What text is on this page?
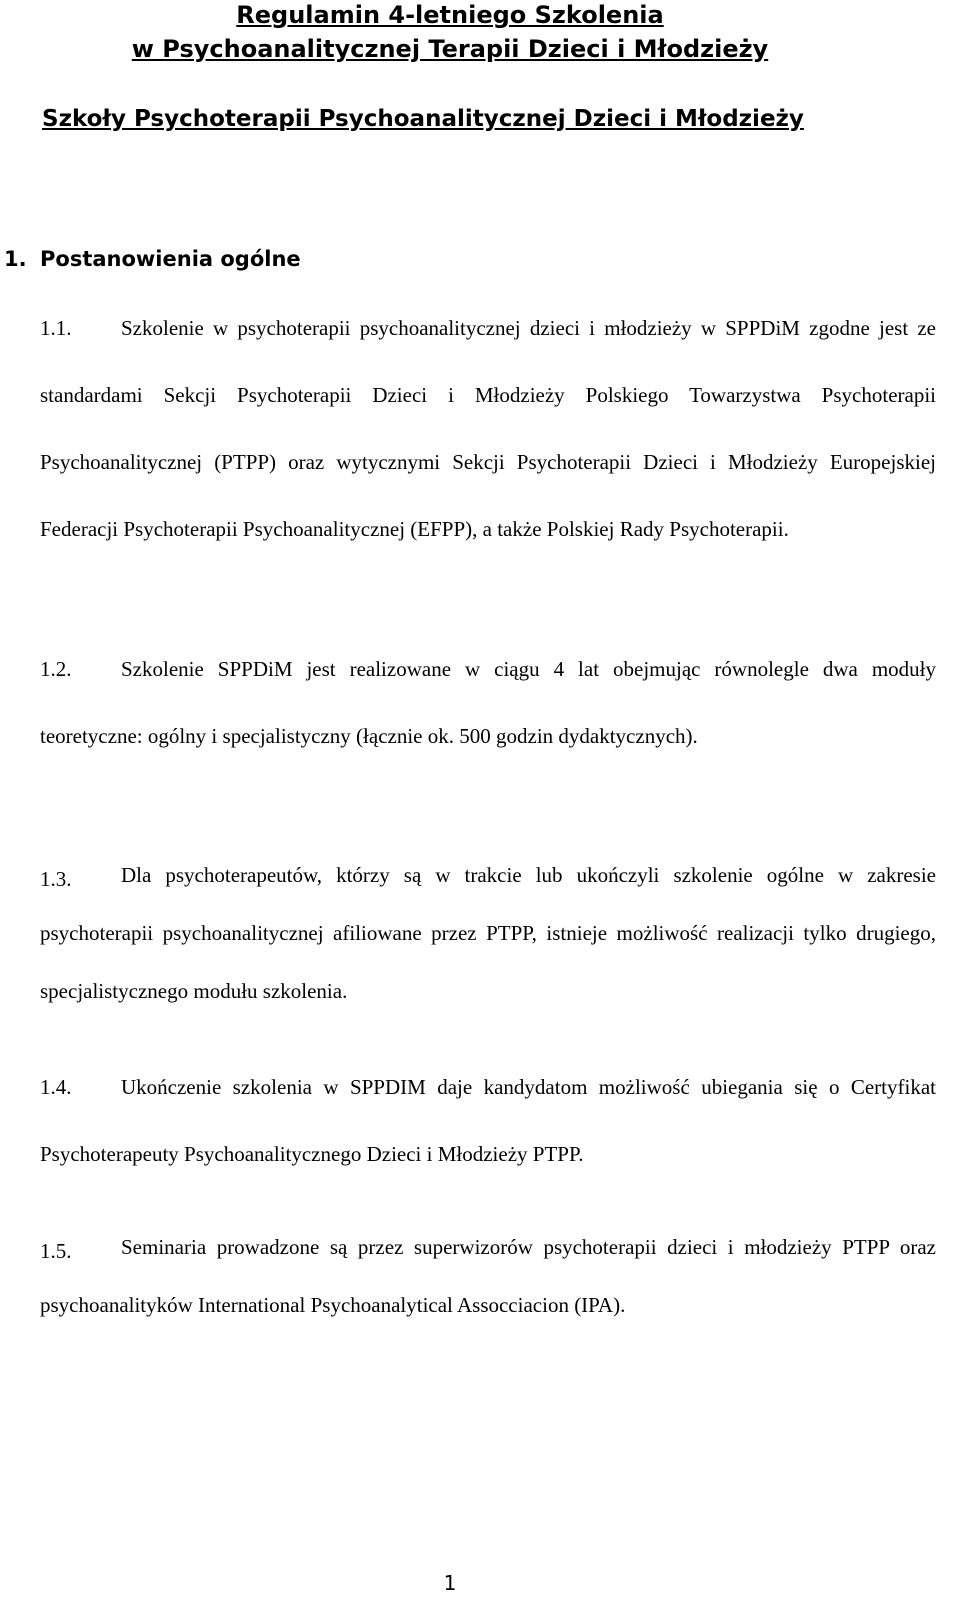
Regulamin 4-letniego Szkolenia
w Psychoanalitycznej Terapii Dzieci i Młodzieży
Szkoły Psychoterapii Psychoanalitycznej Dzieci i Młodzieży
1. Postanowienia ogólne
1.1.	Szkolenie w psychoterapii psychoanalitycznej dzieci i młodzieży w SPPDiM zgodne jest ze standardami Sekcji Psychoterapii Dzieci i Młodzieży Polskiego Towarzystwa Psychoterapii Psychoanalitycznej (PTPP) oraz wytycznymi Sekcji Psychoterapii Dzieci i Młodzieży Europejskiej Federacji Psychoterapii Psychoanalitycznej (EFPP), a także Polskiej Rady Psychoterapii.
1.2.	Szkolenie SPPDiM jest realizowane w ciągu 4 lat obejmując równolegle dwa moduły teoretyczne: ogólny i specjalistyczny (łącznie ok. 500 godzin dydaktycznych).
1.3.	Dla psychoterapeutów, którzy są w trakcie lub ukończyli szkolenie ogólne w zakresie psychoterapii psychoanalitycznej afiliowane przez PTPP, istnieje możliwość realizacji tylko drugiego, specjalistycznego modułu szkolenia.
1.4.	Ukończenie szkolenia w SPPDIM daje kandydatom możliwość ubiegania się o Certyfikat Psychoterapeuty Psychoanalitycznego Dzieci i Młodzieży PTPP.
1.5.	Seminaria prowadzone są przez superwizorów psychoterapii dzieci i młodzieży PTPP oraz psychoanalityków International Psychoanalytical Assocciacion (IPA).
1
